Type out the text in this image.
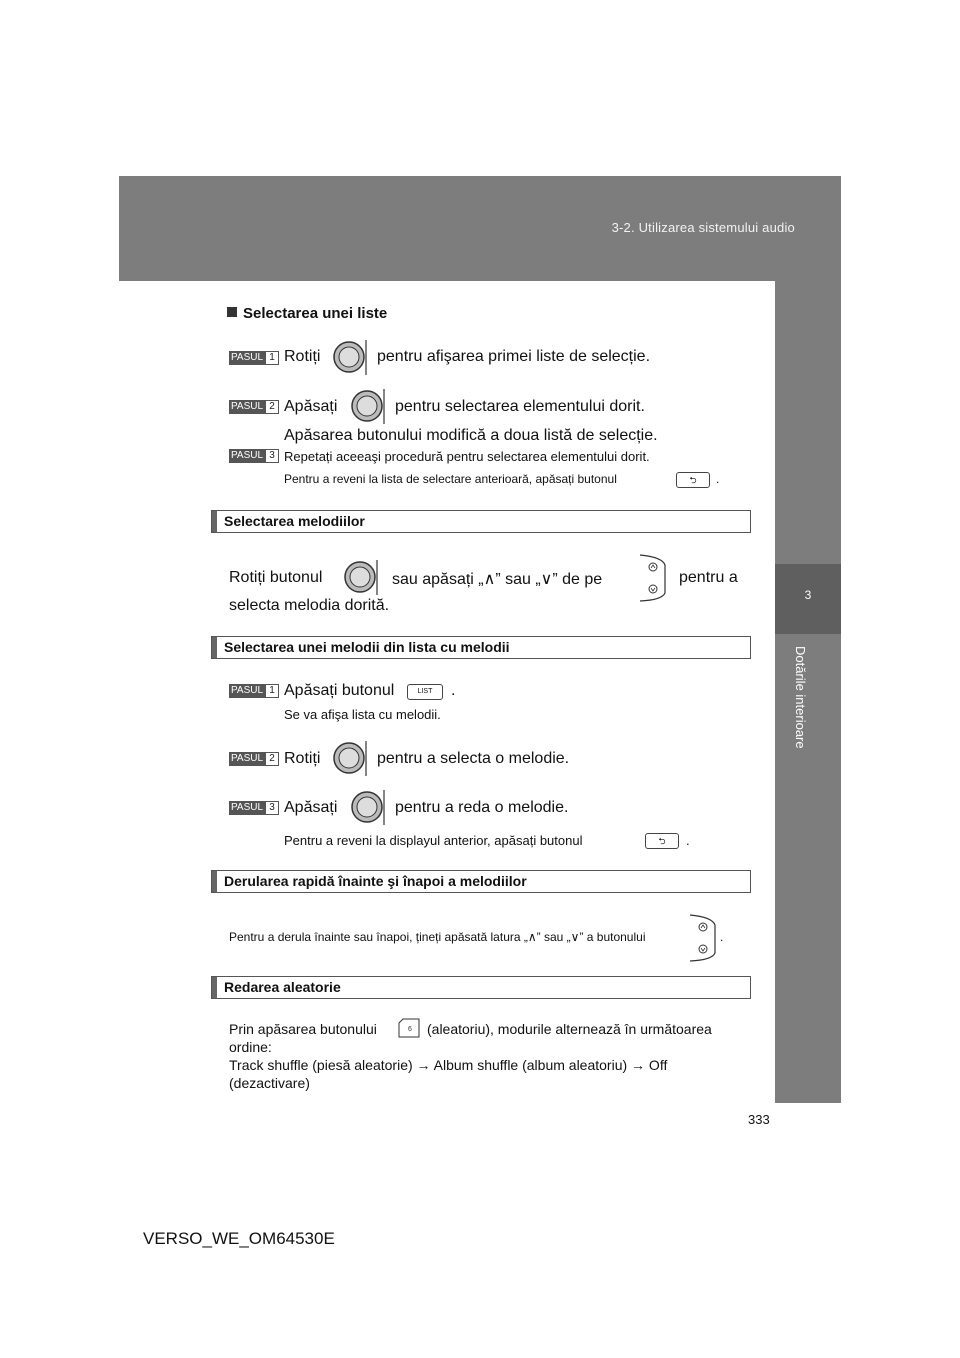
3-2. Utilizarea sistemului audio
3
Dotările interioare
Selectarea unei liste
PASUL 1 Rotiți	pentru afişarea primei liste de selecție.
PASUL 2 Apăsați	pentru selectarea elementului dorit.
Apăsarea butonului modifică a doua listă de selecție.
PASUL 3 Repetați aceeaşi procedură pentru selectarea elementului dorit.
Pentru a reveni la lista de selectare anterioară, apăsați butonul	⮌	.
Selectarea melodiilor
Rotiți butonul	sau apăsați „∧” sau „∨” de pe	pentru a
selecta melodia dorită.
Selectarea unei melodii din lista cu melodii
PASUL 1 Apăsați butonul	LIST	.
Se va afişa lista cu melodii.
PASUL 2 Rotiți	pentru a selecta o melodie.
PASUL 3 Apăsați	pentru a reda o melodie.
Pentru a reveni la displayul anterior, apăsați butonul	⮌	.
Derularea rapidă înainte şi înapoi a melodiilor
Pentru a derula înainte sau înapoi, țineți apăsată latura „∧” sau „∨” a butonului	.
Redarea aleatorie
Prin apăsarea butonului	6 (aleatoriu), modurile alternează în următoarea
ordine:
Track shuffle (piesă aleatorie) → Album shuffle (album aleatoriu) → Off
(dezactivare)
333
VERSO_WE_OM64530E
